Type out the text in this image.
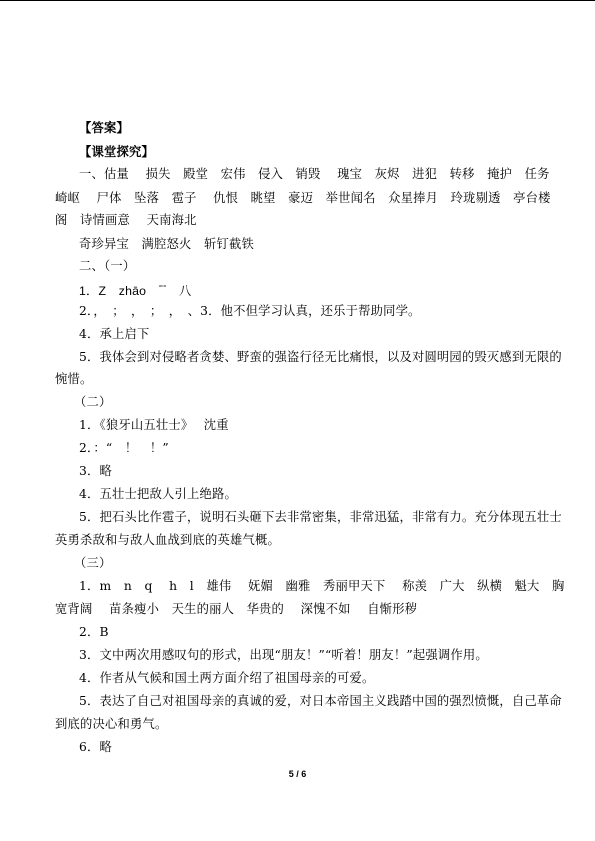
【答案】
【课堂探究】
一、估量　 损失　殿堂　宏伟　侵入　销毁　 瑰宝　灰烬　进犯　转移　掩护　任务
崎岖　 尸体　坠落　雹子　 仇恨　眺望　豪迈　举世闻名　众星捧月　玲珑剔透　亭台楼
阁　诗情画意　 天南海北
奇珍异宝　满腔怒火　斩钉截铁
二、（一）
1．Z　zhāo　$^{ᵘᵘᵘ}$　八
2．，　；　，　；　，　、3．他不但学习认真，还乐于帮助同学。
4．承上启下
5．我体会到对侵略者贪婪、野蛮的强盗行径无比痛恨，以及对圆明园的毁灭感到无限的
惋惜。
（二）
1．《狼牙山五壮士》　 沈重
2．：“　！　！”
3．略
4．五壮士把敌人引上绝路。
5．把石头比作雹子，说明石头砸下去非常密集，非常迅猛，非常有力。充分体现五壮士
英勇杀敌和与敌人血战到底的英雄气概。
（三）
1．m　n　q　 h　l　雄伟　 妩媚　幽雅　秀丽甲天下　 称羡　广大　纵横　魁大　胸
宽背阔　 苗条瘦小　天生的丽人　华贵的　 深愧不如　 自惭形秽
2．B
3．文中两次用感叹句的形式，出现“朋友！”“听着！朋友！”起强调作用。
4．作者从气候和国土两方面介绍了祖国母亲的可爱。
5．表达了自己对祖国母亲的真诚的爱，对日本帝国主义践踏中国的强烈愤慨，自己革命
到底的决心和勇气。
6．略
5 / 6
